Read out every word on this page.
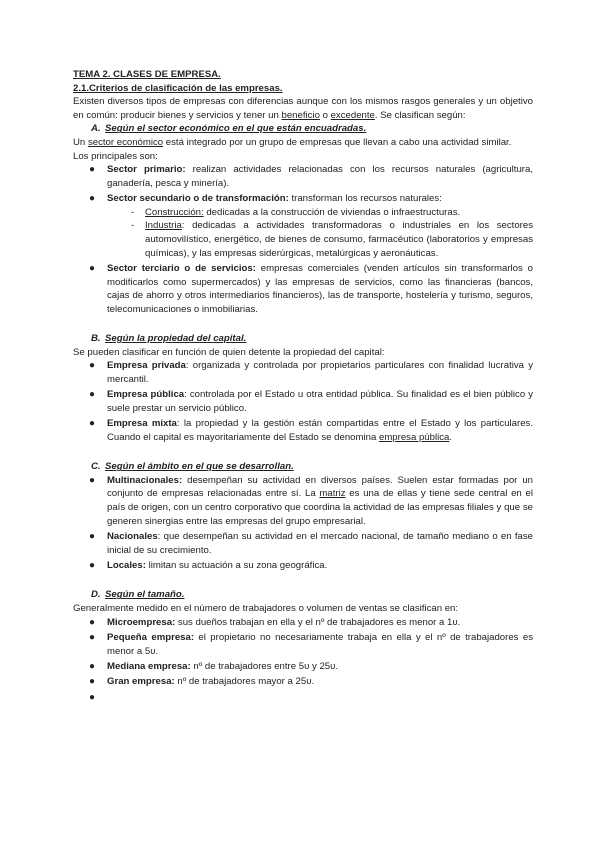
TEMA 2. CLASES DE EMPRESA.

2.1.Criterios de clasificación de las empresas.

Existen diversos tipos de empresas con diferencias aunque con los mismos rasgos generales y un objetivo en común: producir bienes y servicios y tener un beneficio o excedente. Se clasifican según:

A. Según el sector económico en el que están encuadradas.

Un sector económico está integrado por un grupo de empresas que llevan a cabo una actividad similar.

Los principales son:

● Sector primario: realizan actividades relacionadas con los recursos naturales (agricultura, ganadería, pesca y minería).
● Sector secundario o de transformación: transforman los recursos naturales:
- Construcción: dedicadas a la construcción de viviendas o infraestructuras.
- Industria: dedicadas a actividades transformadoras o industriales en los sectores automovilístico, energético, de bienes de consumo, farmacéutico (laboratorios y empresas químicas), y las empresas siderúrgicas, metalúrgicas y aeronáuticas.
● Sector terciario o de servicios: empresas comerciales (venden artículos sin transformarlos o modificarlos como supermercados) y las empresas de servicios, como las financieras (bancos, cajas de ahorro y otros intermediarios financieros), las de transporte, hostelería y turismo, seguros, telecomunicaciones o inmobiliarias.

B. Según la propiedad del capital.

Se pueden clasificar en función de quien detente la propiedad del capital:

● Empresa privada: organizada y controlada por propietarios particulares con finalidad lucrativa y mercantil.
● Empresa pública: controlada por el Estado u otra entidad pública. Su finalidad es el bien público y suele prestar un servicio público.
● Empresa mixta: la propiedad y la gestión están compartidas entre el Estado y los particulares. Cuando el capital es mayoritariamente del Estado se denomina empresa pública.

C. Según el ámbito en el que se desarrollan.

● Multinacionales: desempeñan su actividad en diversos países. Suelen estar formadas por un conjunto de empresas relacionadas entre sí. La matriz es una de ellas y tiene sede central en el país de origen, con un centro corporativo que coordina la actividad de las empresas filiales y que se generen sinergias entre las empresas del grupo empresarial.
● Nacionales: que desempeñan su actividad en el mercado nacional, de tamaño mediano o en fase inicial de su crecimiento.
● Locales: limitan su actuación a su zona geográfica.

D. Según el tamaño.

Generalmente medido en el número de trabajadores o volumen de ventas se clasifican en:

● Microempresa: sus dueños trabajan en ella y el nº de trabajadores es menor a 1υ.
● Pequeña empresa: el propietario no necesariamente trabaja en ella y el nº de trabajadores es menor a 5υ.
● Mediana empresa: nº de trabajadores entre 5υ y 25υ.
● Gran empresa: nº de trabajadores mayor a 25υ.
●
